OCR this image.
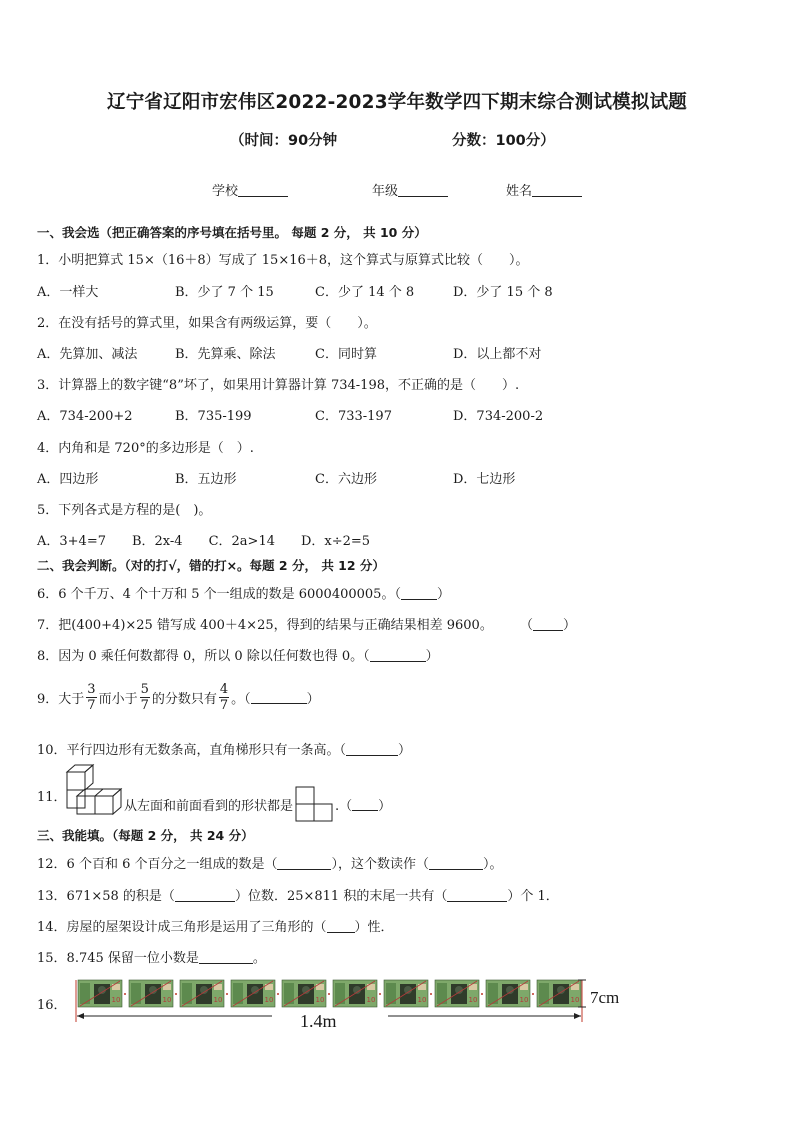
辽宁省辽阳市宏伟区2022-2023学年数学四下期末综合测试模拟试题
（时间：90分钟	分数：100分）
学校	年级	姓名
一、我会选（把正确答案的序号填在括号里。 每题 2 分， 共 10 分）
1．小明把算式 15×（16＋8）写成了 15×16＋8，这个算式与原算式比较（　　）。
A．一样大	B．少了 7 个 15	C．少了 14 个 8	D．少了 15 个 8
2．在没有括号的算式里，如果含有两级运算，要（　　）。
A．先算加、减法	B．先算乘、除法	C．同时算	D．以上都不对
3．计算器上的数字键“8”坏了，如果用计算器计算 734-198，不正确的是（　　）.
A．734-200+2	B．735-199	C．733-197	D．734-200-2
4．内角和是 720°的多边形是（　）.
A．四边形	B．五边形	C．六边形	D．七边形
5．下列各式是方程的是(　)。
A．3+4=7　　B．2x-4　　C．2a>14　　D．x÷2=5
二、我会判断。（对的打√，错的打×。每题 2 分， 共 12 分）
6．6 个千万、4 个十万和 5 个一组成的数是 6000400005。（	）
7．把(400+4)×25 错写成 400＋4×25，得到的结果与正确结果相差 9600。 （ ）
8．因为 0 乘任何数都得 0，所以 0 除以任何数也得 0。（	）
9．大于 $\frac{3}{7}$ 而小于 $\frac{5}{7}$ 的分数只有 $\frac{4}{7}$ 。（	）
10．平行四边形有无数条高，直角梯形只有一条高。（	）
11．
从左面和前面看到的形状都是	.（ ）
三、我能填。（每题 2 分， 共 24 分）
12．6 个百和 6 个百分之一组成的数是（	），这个数读作（	）。
13．671×58 的积是（	）位数．25×811 积的末尾一共有（	）个 1．
14．房屋的屋架设计成三角形是运用了三角形的（ ）性．
15．8.745 保留一位小数是	。
16．	7cm
1.4m
